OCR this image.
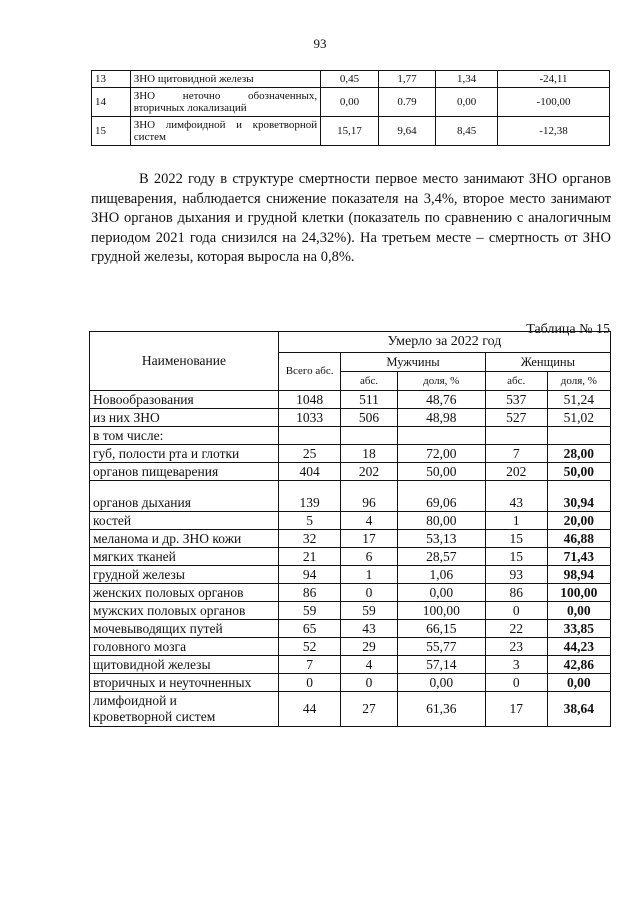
93
13	ЗНО щитовидной железы	0,45	1,77	1,34	-24,11
14	ЗНО неточно обозначенных, вторичных локализаций	0,00	0.79	0,00	-100,00
15	ЗНО лимфоидной и кроветворной систем	15,17	9,64	8,45	-12,38

В 2022 году в структуре смертности первое место занимают ЗНО органов пищеварения, наблюдается снижение показателя на 3,4%, второе место занимают ЗНО органов дыхания и грудной клетки (показатель по сравнению с аналогичным периодом 2021 года снизился на 24,32%). На третьем месте – смертность от ЗНО грудной железы, которая выросла на 0,8%.

Таблица № 15
Наименование	Умерло за 2022 год				
	Всего абс.	Мужчины		Женщины	
		абс.	доля, %	абс.	доля, %
Новообразования	1048	511	48,76	537	51,24
из них ЗНО	1033	506	48,98	527	51,02
в том числе:					
губ, полости рта и глотки	25	18	72,00	7	28,00
органов пищеварения	404	202	50,00	202	50,00
органов дыхания	139	96	69,06	43	30,94
костей	5	4	80,00	1	20,00
меланома и др. ЗНО кожи	32	17	53,13	15	46,88
мягких тканей	21	6	28,57	15	71,43
грудной железы	94	1	1,06	93	98,94
женских половых органов	86	0	0,00	86	100,00
мужских половых органов	59	59	100,00	0	0,00
мочевыводящих путей	65	43	66,15	22	33,85
головного мозга	52	29	55,77	23	44,23
щитовидной железы	7	4	57,14	3	42,86
вторичных и неуточненных	0	0	0,00	0	0,00

лимфоидной и
кроветворной систем	44	27	61,36	17	38,64
